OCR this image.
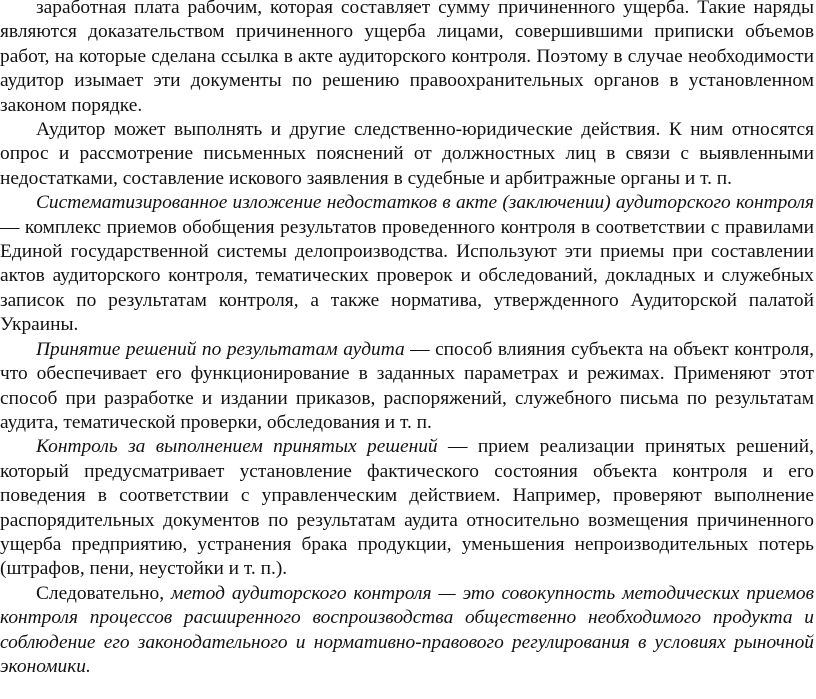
заработная плата рабочим, которая составляет сумму причиненного ущерба. Такие наряды являются доказательством причиненного ущерба лицами, совершившими приписки объемов работ, на которые сделана ссылка в акте аудиторского контроля. Поэтому в случае необходимости аудитор изымает эти документы по решению правоохранительных органов в установленном законом порядке.

Аудитор может выполнять и другие следственно-юридические действия. К ним относятся опрос и рассмотрение письменных пояснений от должностных лиц в связи с выявленными недостатками, составление искового заявления в судебные и арбитражные органы и т. п.

Систематизированное изложение недостатков в акте (заключении) аудиторского контроля — комплекс приемов обобщения результатов проведенного контроля в соответствии с правилами Единой государственной системы делопроизводства. Используют эти приемы при составлении актов аудиторского контроля, тематических проверок и обследований, докладных и служебных записок по результатам контроля, а также норматива, утвержденного Аудиторской палатой Украины.

Принятие решений по результатам аудита — способ влияния субъекта на объект контроля, что обеспечивает его функционирование в заданных параметрах и режимах. Применяют этот способ при разработке и издании приказов, распоряжений, служебного письма по результатам аудита, тематической проверки, обследования и т. п.

Контроль за выполнением принятых решений — прием реализации принятых решений, который предусматривает установление фактического состояния объекта контроля и его поведения в соответствии с управленческим действием. Например, проверяют выполнение распорядительных документов по результатам аудита относительно возмещения причиненного ущерба предприятию, устранения брака продукции, уменьшения непроизводительных потерь (штрафов, пени, неустойки и т. п.).

Следовательно, метод аудиторского контроля — это совокупность методических приемов контроля процессов расширенного воспроизводства общественно необходимого продукта и соблюдение его законодательного и нормативно-правового регулирования в условиях рыночной экономики.
